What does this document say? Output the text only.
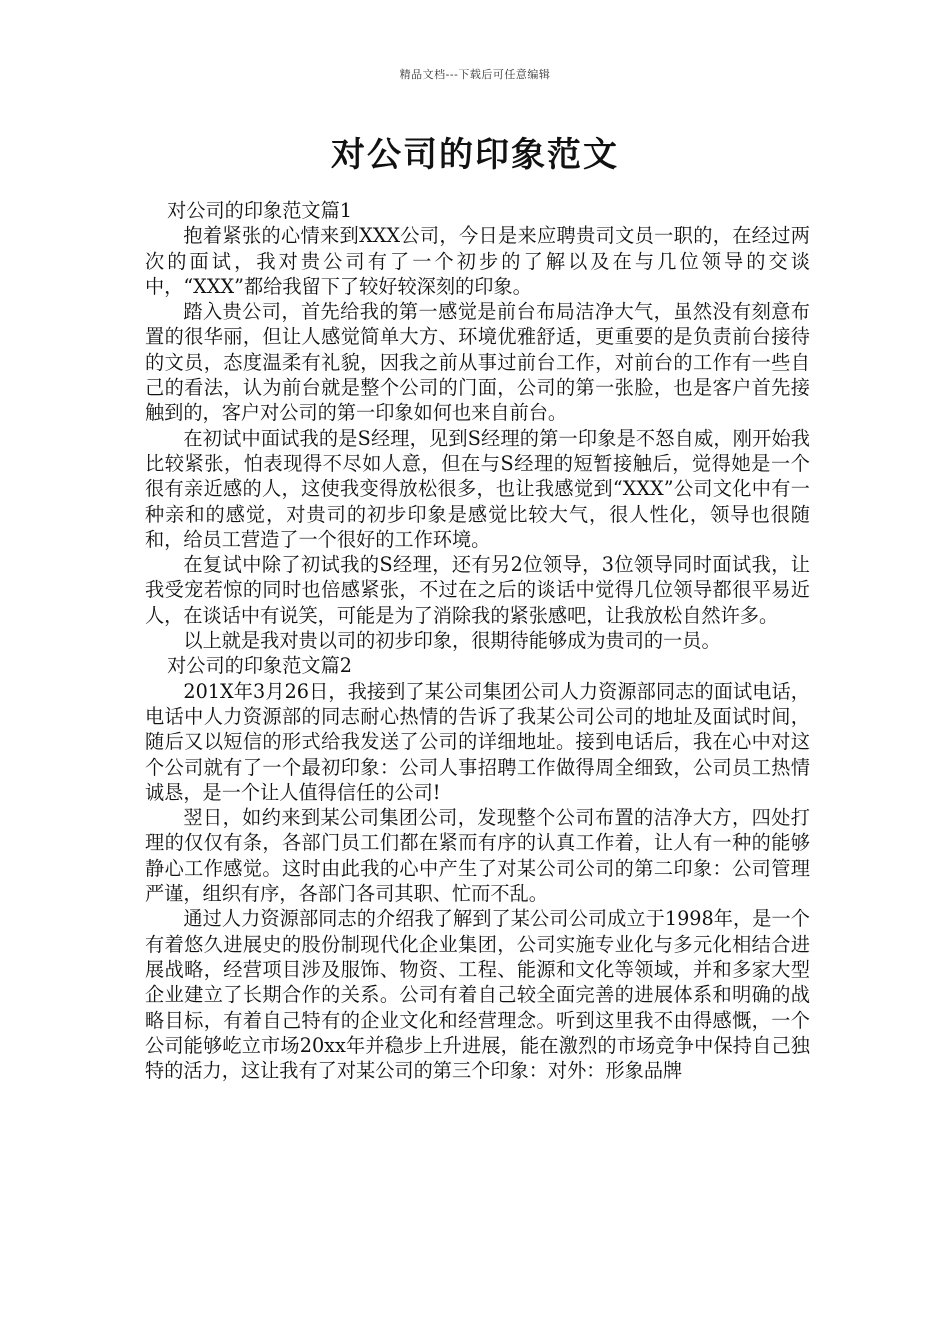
精品文档---下载后可任意编辑
对公司的印象范文

对公司的印象范文篇1

抱着紧张的心情来到XXX公司，今日是来应聘贵司文员一职的，在经过两次的面试，我对贵公司有了一个初步的了解以及在与几位领导的交谈中，“XXX”都给我留下了较好较深刻的印象。

踏入贵公司，首先给我的第一感觉是前台布局洁净大气，虽然没有刻意布置的很华丽，但让人感觉简单大方、环境优雅舒适，更重要的是负责前台接待的文员，态度温柔有礼貌，因我之前从事过前台工作，对前台的工作有一些自己的看法，认为前台就是整个公司的门面，公司的第一张脸，也是客户首先接触到的，客户对公司的第一印象如何也来自前台。

在初试中面试我的是S经理，见到S经理的第一印象是不怒自威，刚开始我比较紧张，怕表现得不尽如人意，但在与S经理的短暂接触后，觉得她是一个很有亲近感的人，这使我变得放松很多，也让我感觉到“XXX”公司文化中有一种亲和的感觉，对贵司的初步印象是感觉比较大气，很人性化，领导也很随和，给员工营造了一个很好的工作环境。

在复试中除了初试我的S经理，还有另2位领导，3位领导同时面试我，让我受宠若惊的同时也倍感紧张，不过在之后的谈话中觉得几位领导都很平易近人，在谈话中有说笑，可能是为了消除我的紧张感吧，让我放松自然许多。

以上就是我对贵以司的初步印象，很期待能够成为贵司的一员。

对公司的印象范文篇2

201X年3月26日，我接到了某公司集团公司人力资源部同志的面试电话，电话中人力资源部的同志耐心热情的告诉了我某公司公司的地址及面试时间，随后又以短信的形式给我发送了公司的详细地址。接到电话后，我在心中对这个公司就有了一个最初印象：公司人事招聘工作做得周全细致，公司员工热情诚恳，是一个让人值得信任的公司!

翌日，如约来到某公司集团公司，发现整个公司布置的洁净大方，四处打理的仅仅有条，各部门员工们都在紧而有序的认真工作着，让人有一种的能够静心工作感觉。这时由此我的心中产生了对某公司公司的第二印象：公司管理严谨，组织有序，各部门各司其职、忙而不乱。

通过人力资源部同志的介绍我了解到了某公司公司成立于1998年，是一个有着悠久进展史的股份制现代化企业集团，公司实施专业化与多元化相结合进展战略，经营项目涉及服饰、物资、工程、能源和文化等领域，并和多家大型企业建立了长期合作的关系。公司有着自己较全面完善的进展体系和明确的战略目标，有着自己特有的企业文化和经营理念。听到这里我不由得感慨，一个公司能够屹立市场20xx年并稳步上升进展，能在激烈的市场竞争中保持自己独特的活力，这让我有了对某公司的第三个印象：对外：形象品牌
